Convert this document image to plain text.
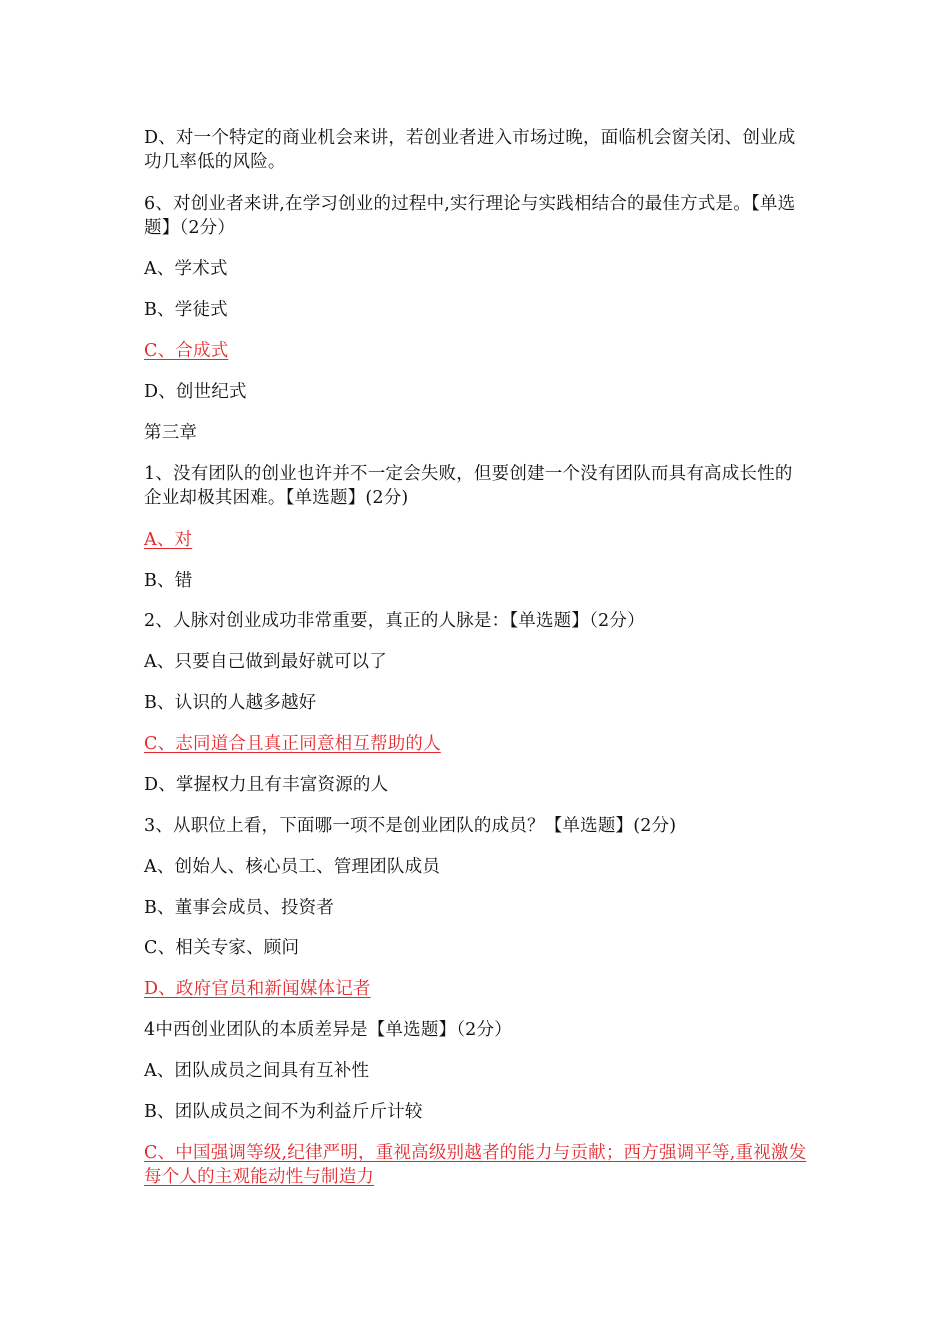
D、对一个特定的商业机会来讲，若创业者进入市场过晚，面临机会窗关闭、创业成功几率低的风险。
6、对创业者来讲,在学习创业的过程中,实行理论与实践相结合的最佳方式是。【单选题】（2分）
A、学术式
B、学徒式
C、合成式
D、创世纪式
第三章
1、没有团队的创业也许并不一定会失败，但要创建一个没有团队而具有高成长性的企业却极其困难。【单选题】(2分)
A、对
B、错
2、人脉对创业成功非常重要，真正的人脉是：【单选题】（2分）
A、只要自己做到最好就可以了
B、认识的人越多越好
C、志同道合且真正同意相互帮助的人
D、掌握权力且有丰富资源的人
3、从职位上看，下面哪一项不是创业团队的成员？【单选题】(2分)
A、创始人、核心员工、管理团队成员
B、董事会成员、投资者
C、相关专家、顾问
D、政府官员和新闻媒体记者
4中西创业团队的本质差异是【单选题】（2分）
A、团队成员之间具有互补性
B、团队成员之间不为利益斤斤计较
C、中国强调等级,纪律严明，重视高级别越者的能力与贡献；西方强调平等,重视激发每个人的主观能动性与制造力
